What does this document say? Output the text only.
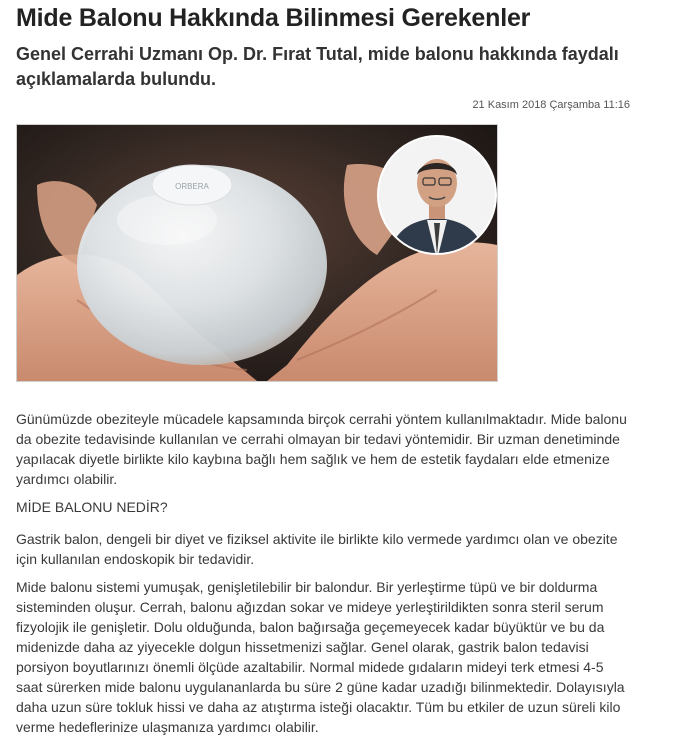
Mide Balonu Hakkında Bilinmesi Gerekenler
Genel Cerrahi Uzmanı Op. Dr. Fırat Tutal, mide balonu hakkında faydalı açıklamalarda bulundu.
21 Kasım 2018 Çarşamba 11:16
ORBERA

Günümüzde obeziteyle mücadele kapsamında birçok cerrahi yöntem kullanılmaktadır. Mide balonu da obezite tedavisinde kullanılan ve cerrahi olmayan bir tedavi yöntemidir. Bir uzman denetiminde yapılacak diyetle birlikte kilo kaybına bağlı hem sağlık ve hem de estetik faydaları elde etmenize yardımcı olabilir.

MİDE BALONU NEDİR?

Gastrik balon, dengeli bir diyet ve fiziksel aktivite ile birlikte kilo vermede yardımcı olan ve obezite için kullanılan endoskopik bir tedavidir.

Mide balonu sistemi yumuşak, genişletilebilir bir balondur. Bir yerleştirme tüpü ve bir doldurma sisteminden oluşur. Cerrah, balonu ağızdan sokar ve mideye yerleştirildikten sonra steril serum fizyolojik ile genişletir. Dolu olduğunda, balon bağırsağa geçemeyecek kadar büyüktür ve bu da midenizde daha az yiyecekle dolgun hissetmenizi sağlar. Genel olarak, gastrik balon tedavisi porsiyon boyutlarınızı önemli ölçüde azaltabilir. Normal midede gıdaların mideyi terk etmesi 4-5 saat sürerken mide balonu uygulananlarda bu süre 2 güne kadar uzadığı bilinmektedir. Dolayısıyla daha uzun süre tokluk hissi ve daha az atıştırma isteği olacaktır. Tüm bu etkiler de uzun süreli kilo verme hedeflerinize ulaşmanıza yardımcı olabilir.
